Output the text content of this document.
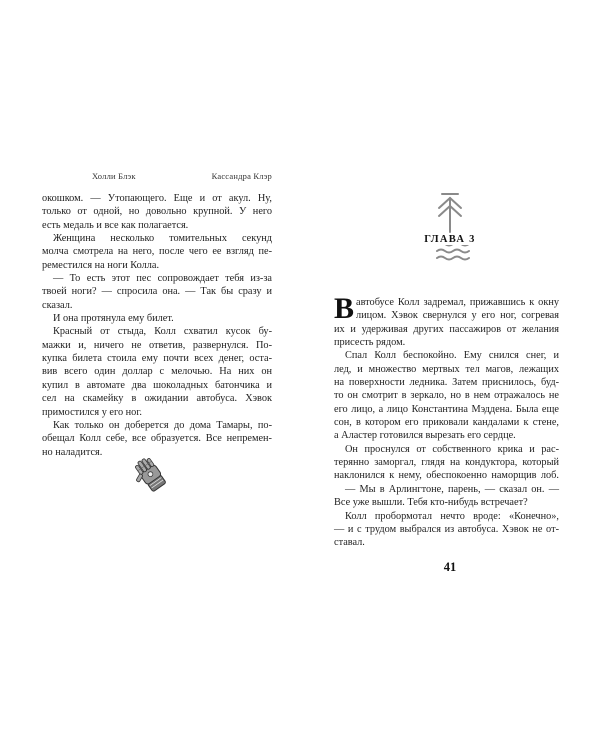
Холли Блэк	Кассандра Клэр
окошком. — Утопающего. Еще и от акул. Ну,
только от одной, но довольно крупной. У него
есть медаль и все как полагается.
Женщина несколько томительных секунд
молча смотрела на него, после чего ее взгляд пе-
реместился на ноги Колла.
— То есть этот пес сопровождает тебя из-за
твоей ноги? — спросила она. — Так бы сразу и
сказал.
И она протянула ему билет.
Красный от стыда, Колл схватил кусок бу-
мажки и, ничего не ответив, развернулся. По-
купка билета стоила ему почти всех денег, оста-
вив всего один доллар с мелочью. На них он
купил в автомате два шоколадных батончика и
сел на скамейку в ожидании автобуса. Хэвок
примостился у его ног.
Как только он доберется до дома Тамары, по-
обещал Колл себе, все образуется. Все непремен-
но наладится.
ГЛАВА 3
В автобусе Колл задремал, прижавшись к окну
лицом. Хэвок свернулся у его ног, согревая
их и удерживая других пассажиров от желания
присесть рядом.
Спал Колл беспокойно. Ему снился снег, и
лед, и множество мертвых тел магов, лежащих
на поверхности ледника. Затем приснилось, буд-
то он смотрит в зеркало, но в нем отражалось не
его лицо, а лицо Константина Мэддена. Была еще
сон, в котором его приковали кандалами к стене,
а Аластер готовился вырезать его сердце.
Он проснулся от собственного крика и рас-
терянно заморгал, глядя на кондуктора, который
наклонился к нему, обеспокоенно наморщив лоб.
— Мы в Арлингтоне, парень, — сказал он. —
Все уже вышли. Тебя кто-нибудь встречает?
Колл пробормотал нечто вроде: «Конечно»,
— и с трудом выбрался из автобуса. Хэвок не от-
ставал.
41
